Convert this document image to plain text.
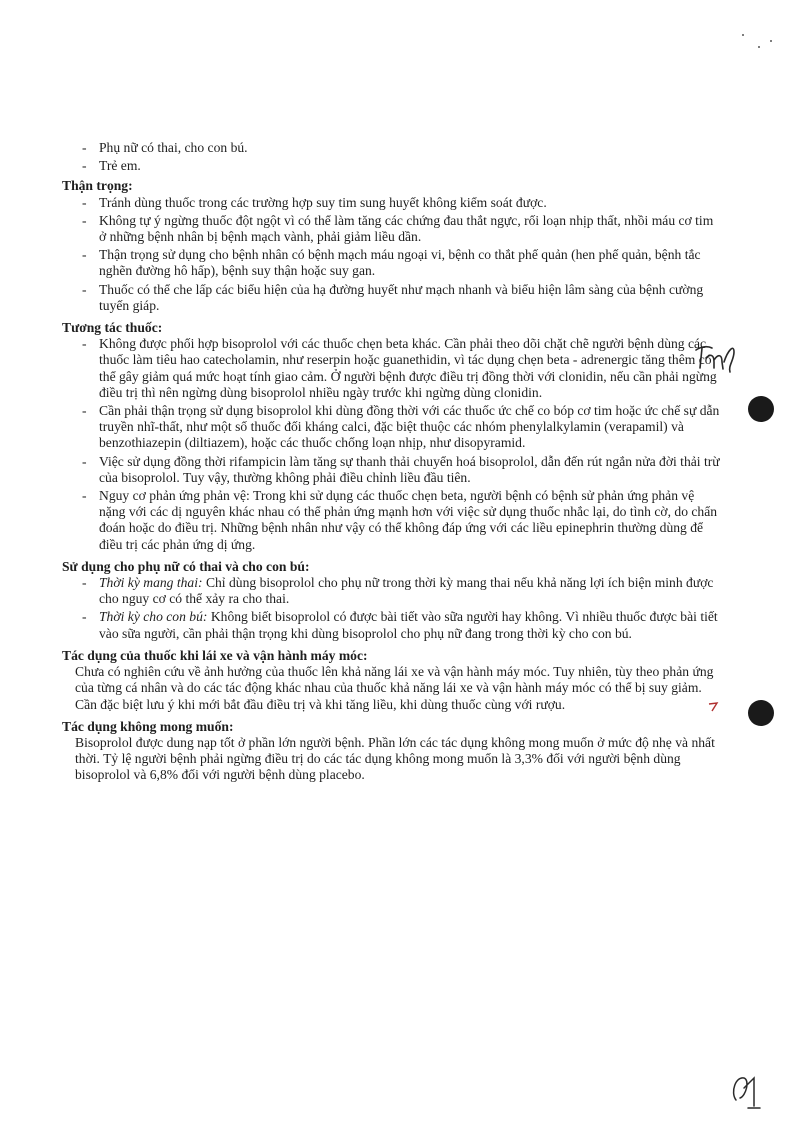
- Phụ nữ có thai, cho con bú.
- Trẻ em.

Thận trọng:

- Tránh dùng thuốc trong các trường hợp suy tim sung huyết không kiểm soát được.
- Không tự ý ngừng thuốc đột ngột vì có thể làm tăng các chứng đau thắt ngực, rối loạn nhịp thất, nhồi máu cơ tim ở những bệnh nhân bị bệnh mạch vành, phải giảm liều dần.
- Thận trọng sử dụng cho bệnh nhân có bệnh mạch máu ngoại vi, bệnh co thắt phế quản (hen phế quản, bệnh tắc nghẽn đường hô hấp), bệnh suy thận hoặc suy gan.
- Thuốc có thể che lấp các biểu hiện của hạ đường huyết như mạch nhanh và biểu hiện lâm sàng của bệnh cường tuyến giáp.

Tương tác thuốc:

- Không được phối hợp bisoprolol với các thuốc chẹn beta khác. Cần phải theo dõi chặt chẽ người bệnh dùng các thuốc làm tiêu hao catecholamin, như reserpin hoặc guanethidin, vì tác dụng chẹn beta - adrenergic tăng thêm có thể gây giảm quá mức hoạt tính giao cảm. Ở người bệnh được điều trị đồng thời với clonidin, nếu cần phải ngừng điều trị thì nên ngừng dùng bisoprolol nhiều ngày trước khi ngừng dùng clonidin.
- Cần phải thận trọng sử dụng bisoprolol khi dùng đồng thời với các thuốc ức chế co bóp cơ tim hoặc ức chế sự dẫn truyền nhĩ-thất, như một số thuốc đối kháng calci, đặc biệt thuộc các nhóm phenylalkylamin (verapamil) và benzothiazepin (diltiazem), hoặc các thuốc chống loạn nhịp, như disopyramid.
- Việc sử dụng đồng thời rifampicin làm tăng sự thanh thải chuyển hoá bisoprolol, dẫn đến rút ngắn nửa đời thải trừ của bisoprolol. Tuy vậy, thường không phải điều chỉnh liều đầu tiên.
- Nguy cơ phản ứng phản vệ: Trong khi sử dụng các thuốc chẹn beta, người bệnh có bệnh sử phản ứng phản vệ nặng với các dị nguyên khác nhau có thể phản ứng mạnh hơn với việc sử dụng thuốc nhắc lại, do tình cờ, do chẩn đoán hoặc do điều trị. Những bệnh nhân như vậy có thể không đáp ứng với các liều epinephrin thường dùng để điều trị các phản ứng dị ứng.

Sử dụng cho phụ nữ có thai và cho con bú:

- Thời kỳ mang thai: Chỉ dùng bisoprolol cho phụ nữ trong thời kỳ mang thai nếu khả năng lợi ích biện minh được cho nguy cơ có thể xảy ra cho thai.
- Thời kỳ cho con bú: Không biết bisoprolol có được bài tiết vào sữa người hay không. Vì nhiều thuốc được bài tiết vào sữa người, cần phải thận trọng khi dùng bisoprolol cho phụ nữ đang trong thời kỳ cho con bú.

Tác dụng của thuốc khi lái xe và vận hành máy móc:

Chưa có nghiên cứu về ảnh hưởng của thuốc lên khả năng lái xe và vận hành máy móc. Tuy nhiên, tùy theo phản ứng của từng cá nhân và do các tác động khác nhau của thuốc khả năng lái xe và vận hành máy móc có thể bị suy giảm. Cần đặc biệt lưu ý khi mới bắt đầu điều trị và khi tăng liều, khi dùng thuốc cùng với rượu.

Tác dụng không mong muốn:

Bisoprolol được dung nạp tốt ở phần lớn người bệnh. Phần lớn các tác dụng không mong muốn ở mức độ nhẹ và nhất thời. Tỷ lệ người bệnh phải ngừng điều trị do các tác dụng không mong muốn là 3,3% đối với người bệnh dùng bisoprolol và 6,8% đối với người bệnh dùng placebo.
